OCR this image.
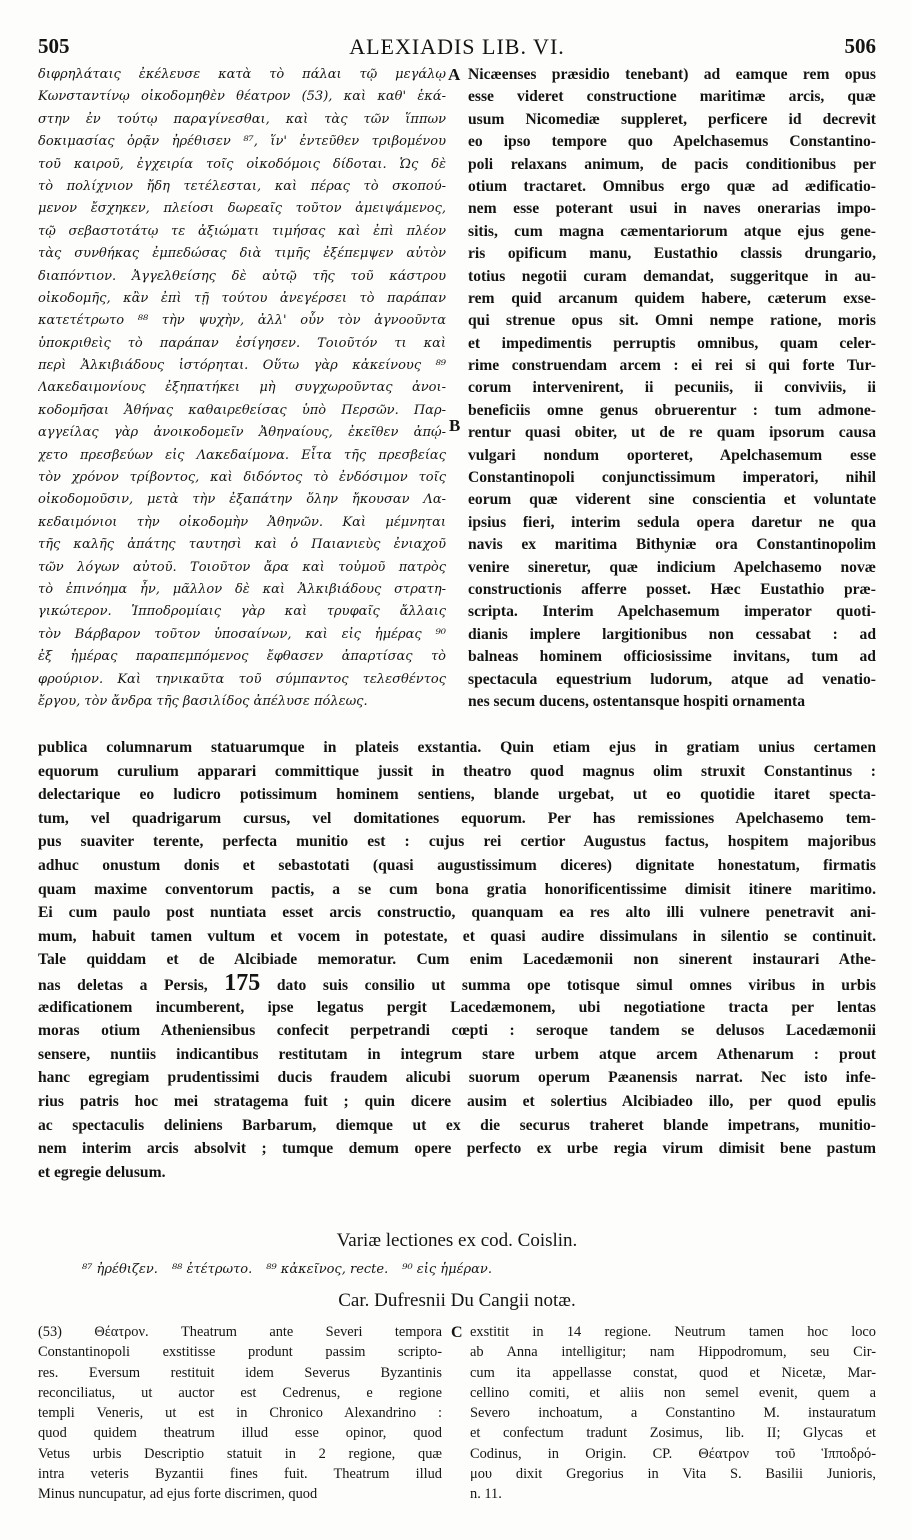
505	ALEXIADIS LIB. VI.	506
διφρηλάταις ἐκέλευσε κατὰ τὸ πάλαι τῷ μεγάλῳ
Κωνσταντίνῳ οἰκοδομηθὲν θέατρον (53), καὶ καθ' ἑκά-
στην ἐν τούτῳ παραγίνεσθαι, καὶ τὰς τῶν ἵππων
δοκιμασίας ὁρᾷν ἠρέθισεν ⁸⁷, ἵν' ἐντεῦθεν τριβομένου
τοῦ καιροῦ, ἐγχειρία τοῖς οἰκοδόμοις δίδοται. Ὡς δὲ
τὸ πολίχνιον ἤδη τετέλεσται, καὶ πέρας τὸ σκοπού-
μενον ἔσχηκεν, πλείοσι δωρεαῖς τοῦτον ἀμειψάμενος,
τῷ σεβαστοτάτῳ τε ἀξιώματι τιμήσας καὶ ἐπὶ πλέον
τὰς συνθήκας ἐμπεδώσας διὰ τιμῆς ἐξέπεμψεν αὐτὸν
διαπόντιον. Ἀγγελθείσης δὲ αὐτῷ τῆς τοῦ κάστρου
οἰκοδομῆς, κἂν ἐπὶ τῇ τούτου ἀνεγέρσει τὸ παράπαν
κατετέτρωτο ⁸⁸ τὴν ψυχὴν, ἀλλ' οὖν τὸν ἀγνοοῦντα
ὑποκριθεὶς τὸ παράπαν ἐσίγησεν. Τοιοῦτόν τι καὶ
περὶ Ἀλκιβιάδους ἱστόρηται. Οὕτω γὰρ κἀκείνους ⁸⁹
Λακεδαιμονίους ἐξηπατήκει μὴ συγχωροῦντας ἀνοι-
κοδομῆσαι Ἀθήνας καθαιρεθείσας ὑπὸ Περσῶν. Παρ-
αγγείλας γὰρ ἀνοικοδομεῖν Ἀθηναίους, ἐκεῖθεν ἀπῴ-
χετο πρεσβεύων εἰς Λακεδαίμονα. Εἶτα τῆς πρεσβείας
τὸν χρόνον τρίβοντος, καὶ διδόντος τὸ ἐνδόσιμον τοῖς
οἰκοδομοῦσιν, μετὰ τὴν ἐξαπάτην ὅλην ἤκουσαν Λα-
κεδαιμόνιοι τὴν οἰκοδομὴν Ἀθηνῶν. Καὶ μέμνηται
τῆς καλῆς ἀπάτης ταυτησὶ καὶ ὁ Παιανιεὺς ἐνιαχοῦ
τῶν λόγων αὐτοῦ. Τοιοῦτον ἄρα καὶ τοὐμοῦ πατρὸς
τὸ ἐπινόημα ἦν, μᾶλλον δὲ καὶ Ἀλκιβιάδους στρατη-
γικώτερον. Ἱπποδρομίαις γὰρ καὶ τρυφαῖς ἄλλαις
τὸν Βάρβαρον τοῦτον ὑποσαίνων, καὶ εἰς ἡμέρας ⁹⁰
ἐξ ἡμέρας παραπεμπόμενος ἔφθασεν ἀπαρτίσας τὸ
φρούριον. Καὶ τηνικαῦτα τοῦ σύμπαντος τελεσθέντος
ἔργου, τὸν ἄνδρα τῆς βασιλίδος ἀπέλυσε πόλεως.
Nicæenses præsidio tenebant) ad eamque rem opus
esse videret constructione maritimæ arcis, quæ
usum Nicomediæ suppleret, perficere id decrevit
eo ipso tempore quo Apelchasemus Constantino-
poli relaxans animum, de pacis conditionibus per
otium tractaret. Omnibus ergo quæ ad ædificatio-
nem esse poterant usui in naves onerarias impo-
sitis, cum magna cæmentariorum atque ejus gene-
ris opificum manu, Eustathio classis drungario,
totius negotii curam demandat, suggeritque in au-
rem quid arcanum quidem habere, cæterum exse-
qui strenue opus sit. Omni nempe ratione, moris
et impedimentis perruptis omnibus, quam celer-
rime construendam arcem : ei rei si qui forte Tur-
corum intervenirent, ii pecuniis, ii conviviis, ii
beneficiis omne genus obruerentur : tum admone-
rentur quasi obiter, ut de re quam ipsorum causa
vulgari nondum oporteret, Apelchasemum esse
Constantinopoli conjunctissimum imperatori, nihil
eorum quæ viderent sine conscientia et voluntate
ipsius fieri, interim sedula opera daretur ne qua
navis ex maritima Bithyniæ ora Constantinopolim
venire sineretur, quæ indicium Apelchasemo novæ
constructionis afferre posset. Hæc Eustathio præ-
scripta. Interim Apelchasemum imperator quoti-
dianis implere largitionibus non cessabat : ad
balneas hominem officiosissime invitans, tum ad
spectacula equestrium ludorum, atque ad venatio-
nes secum ducens, ostentansque hospiti ornamenta
A
B
publica columnarum statuarumque in plateis exstantia. Quin etiam ejus in gratiam unius certamen
equorum curulium apparari committique jussit in theatro quod magnus olim struxit Constantinus :
delectarique eo ludicro potissimum hominem sentiens, blande urgebat, ut eo quotidie itaret specta-
tum, vel quadrigarum cursus, vel domitationes equorum. Per has remissiones Apelchasemo tem-
pus suaviter terente, perfecta munitio est : cujus rei certior Augustus factus, hospitem majoribus
adhuc onustum donis et sebastotati (quasi augustissimum diceres) dignitate honestatum, firmatis
quam maxime conventorum pactis, a se cum bona gratia honorificentissime dimisit itinere maritimo.
Ei cum paulo post nuntiata esset arcis constructio, quanquam ea res alto illi vulnere penetravit ani-
mum, habuit tamen vultum et vocem in potestate, et quasi audire dissimulans in silentio se continuit.
Tale quiddam et de Alcibiade memoratur. Cum enim Lacedæmonii non sinerent instaurari Athe-
nas deletas a Persis, 175 dato suis consilio ut summa ope totisque simul omnes viribus in urbis
ædificationem incumberent, ipse legatus pergit Lacedæmonem, ubi negotiatione tracta per lentas
moras otium Atheniensibus confecit perpetrandi cœpti : seroque tandem se delusos Lacedæmonii
sensere, nuntiis indicantibus restitutam in integrum stare urbem atque arcem Athenarum : prout
hanc egregiam prudentissimi ducis fraudem alicubi suorum operum Pæanensis narrat. Nec isto infe-
rius patris hoc mei stratagema fuit ; quin dicere ausim et solertius Alcibiadeo illo, per quod epulis
ac spectaculis deliniens Barbarum, diemque ut ex die securus traheret blande impetrans, munitio-
nem interim arcis absolvit ; tumque demum opere perfecto ex urbe regia virum dimisit bene pastum
et egregie delusum.
Variæ lectiones ex cod. Coislin.
⁸⁷ ἠρέθιζεν. ⁸⁸ ἐτέτρωτο. ⁸⁹ κἀκεῖνος, recte. ⁹⁰ εἰς ἡμέραν.
Car. Dufresnii Du Cangii notæ.
(53) Θέατρον. Theatrum ante Severi tempora
Constantinopoli exstitisse produnt passim scripto-
res. Eversum restituit idem Severus Byzantinis
reconciliatus, ut auctor est Cedrenus, e regione
templi Veneris, ut est in Chronico Alexandrino :
quod quidem theatrum illud esse opinor, quod
Vetus urbis Descriptio statuit in 2 regione, quæ
intra veteris Byzantii fines fuit. Theatrum illud
Minus nuncupatur, ad ejus forte discrimen, quod
C exstitit in 14 regione. Neutrum tamen hoc loco
ab Anna intelligitur; nam Hippodromum, seu Cir-
cum ita appellasse constat, quod et Nicetæ, Mar-
cellino comiti, et aliis non semel evenit, quem a
Severo inchoatum, a Constantino M. instauratum
et confectum tradunt Zosimus, lib. II; Glycas et
Codinus, in Origin. CP. Θέατρον τοῦ Ἱπποδρό-
μου dixit Gregorius in Vita S. Basilii Junioris,
n. 11.
